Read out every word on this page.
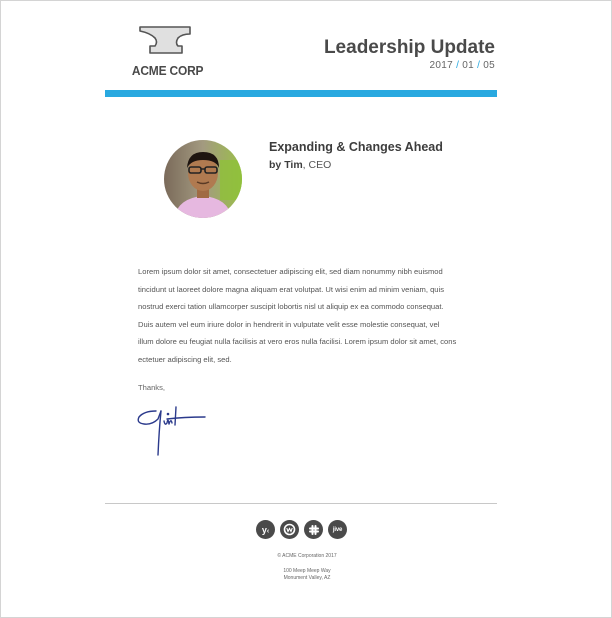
ACME CORP
Leadership Update
2017 / 01 / 05
Expanding & Changes Ahead
by Tim, CEO

Lorem ipsum dolor sit amet, consectetuer adipiscing elit, sed diam nonummy nibh euismod

tincidunt ut laoreet dolore magna aliquam erat volutpat. Ut wisi enim ad minim veniam, quis

nostrud exerci tation ullamcorper suscipit lobortis nisl ut aliquip ex ea commodo consequat.

Duis autem vel eum iriure dolor in hendrerit in vulputate velit esse molestie consequat, vel

illum dolore eu feugiat nulla facilisis at vero eros nulla facilisi. Lorem ipsum dolor sit amet, cons

ectetuer adipiscing elit, sed.

Thanks,
y‹	jive
© ACME Corporation 2017
100 Meep Meep Way
Monument Valley, AZ
